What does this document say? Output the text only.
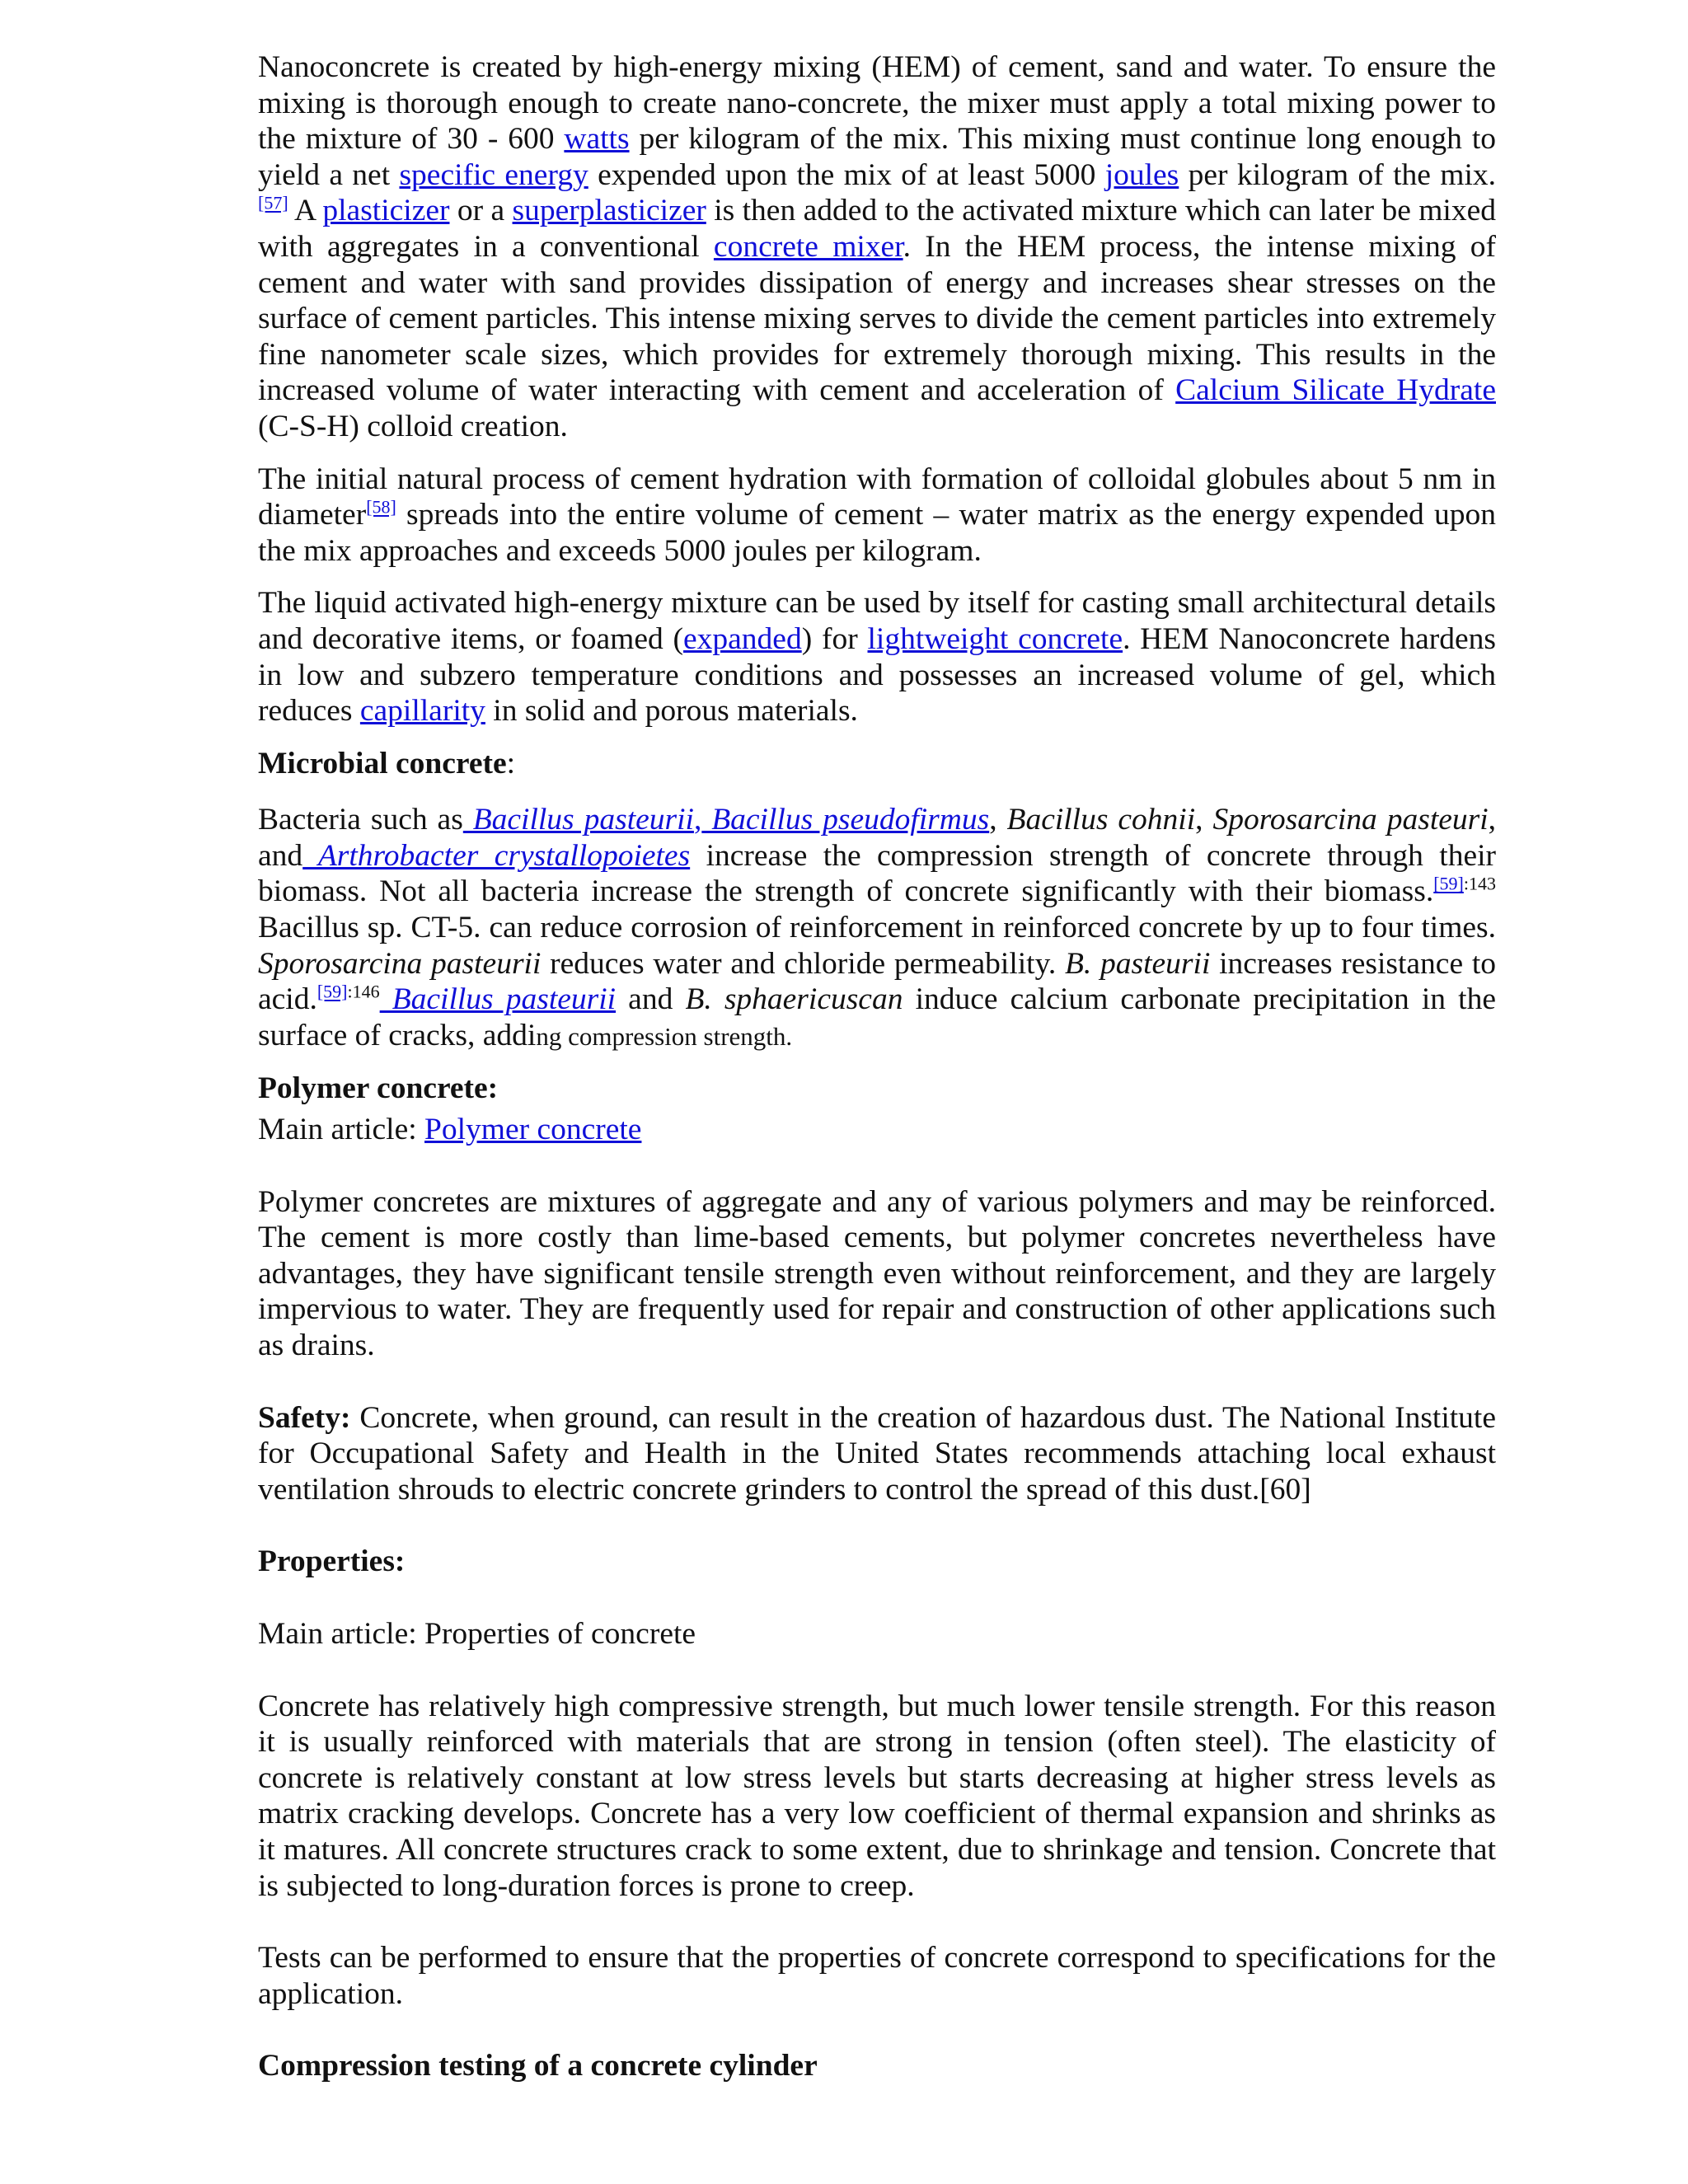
Nanoconcrete is created by high-energy mixing (HEM) of cement, sand and water. To ensure the mixing is thorough enough to create nano-concrete, the mixer must apply a total mixing power to the mixture of 30 - 600 watts per kilogram of the mix. This mixing must continue long enough to yield a net specific energy expended upon the mix of at least 5000 joules per kilogram of the mix.[57] A plasticizer or a superplasticizer is then added to the activated mixture which can later be mixed with aggregates in a conventional concrete mixer. In the HEM process, the intense mixing of cement and water with sand provides dissipation of energy and increases shear stresses on the surface of cement particles. This intense mixing serves to divide the cement particles into extremely fine nanometer scale sizes, which provides for extremely thorough mixing. This results in the increased volume of water interacting with cement and acceleration of Calcium Silicate Hydrate (C-S-H) colloid creation.

The initial natural process of cement hydration with formation of colloidal globules about 5 nm in diameter[58] spreads into the entire volume of cement – water matrix as the energy expended upon the mix approaches and exceeds 5000 joules per kilogram.

The liquid activated high-energy mixture can be used by itself for casting small architectural details and decorative items, or foamed (expanded) for lightweight concrete. HEM Nanoconcrete hardens in low and subzero temperature conditions and possesses an increased volume of gel, which reduces capillarity in solid and porous materials.

Microbial concrete:

Bacteria such as Bacillus pasteurii, Bacillus pseudofirmus, Bacillus cohnii, Sporosarcina pasteuri, and Arthrobacter crystallopoietes increase the compression strength of concrete through their biomass. Not all bacteria increase the strength of concrete significantly with their biomass.$^{[59]:143}$ Bacillus sp. CT-5. can reduce corrosion of reinforcement in reinforced concrete by up to four times. Sporosarcina pasteurii reduces water and chloride permeability. B. pasteurii increases resistance to acid.$^{[59]:146}$ Bacillus pasteurii and B. sphaericuscan induce calcium carbonate precipitation in the surface of cracks, adding compression strength.

Polymer concrete:

Main article: Polymer concrete

Polymer concretes are mixtures of aggregate and any of various polymers and may be reinforced. The cement is more costly than lime-based cements, but polymer concretes nevertheless have advantages, they have significant tensile strength even without reinforcement, and they are largely impervious to water. They are frequently used for repair and construction of other applications such as drains.

Safety: Concrete, when ground, can result in the creation of hazardous dust. The National Institute for Occupational Safety and Health in the United States recommends attaching local exhaust ventilation shrouds to electric concrete grinders to control the spread of this dust.[60]

Properties:

Main article: Properties of concrete

Concrete has relatively high compressive strength, but much lower tensile strength. For this reason it is usually reinforced with materials that are strong in tension (often steel). The elasticity of concrete is relatively constant at low stress levels but starts decreasing at higher stress levels as matrix cracking develops. Concrete has a very low coefficient of thermal expansion and shrinks as it matures. All concrete structures crack to some extent, due to shrinkage and tension. Concrete that is subjected to long-duration forces is prone to creep.

Tests can be performed to ensure that the properties of concrete correspond to specifications for the application.

Compression testing of a concrete cylinder
